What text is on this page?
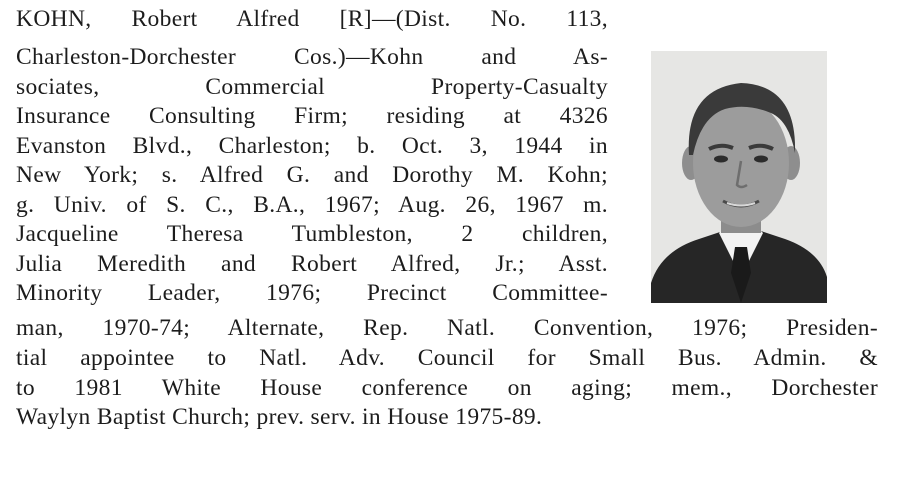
KOHN, Robert Alfred [R]—(Dist. No. 113,
Charleston-Dorchester Cos.)—Kohn and As-
sociates, Commercial Property-Casualty
Insurance Consulting Firm; residing at 4326
Evanston Blvd., Charleston; b. Oct. 3, 1944 in
New York; s. Alfred G. and Dorothy M. Kohn;
g. Univ. of S. C., B.A., 1967; Aug. 26, 1967 m.
Jacqueline Theresa Tumbleston, 2 children,
Julia Meredith and Robert Alfred, Jr.; Asst.
Minority Leader, 1976; Precinct Committee-
man, 1970-74; Alternate, Rep. Natl. Convention, 1976; Presiden-
tial appointee to Natl. Adv. Council for Small Bus. Admin. &
to 1981 White House conference on aging; mem., Dorchester
Waylyn Baptist Church; prev. serv. in House 1975-89.
